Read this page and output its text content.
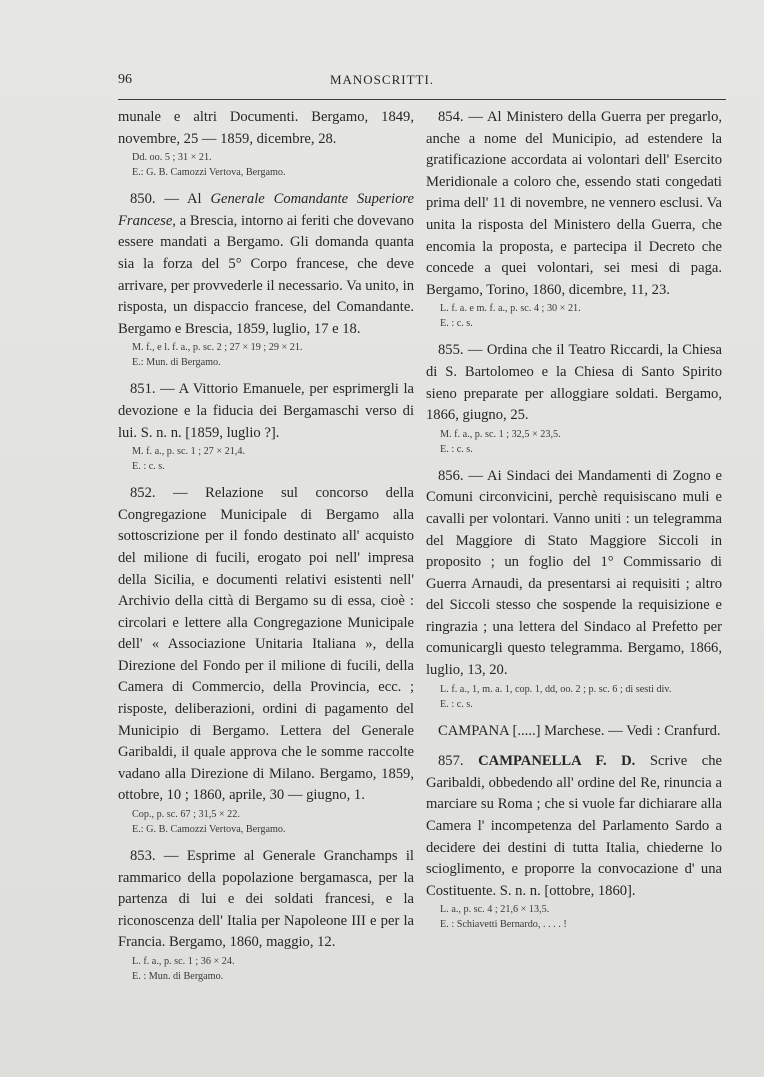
96	MANOSCRITTI.

munale e altri Documenti. Bergamo, 1849, novembre, 25 — 1859, dicembre, 28.

Dd. oo. 5 ; 31 × 21.
E.: G. B. Camozzi Vertova, Bergamo.

850. — Al Generale Comandante Superiore Francese, a Brescia, intorno ai feriti che dovevano essere mandati a Bergamo. Gli domanda quanta sia la forza del 5° Corpo francese, che deve arrivare, per provvederle il necessario. Va unito, in risposta, un dispaccio francese, del Comandante. Bergamo e Brescia, 1859, luglio, 17 e 18.

M. f., e l. f. a., p. sc. 2 ; 27 × 19 ; 29 × 21.
E.: Mun. di Bergamo.

851. — A Vittorio Emanuele, per esprimergli la devozione e la fiducia dei Bergamaschi verso di lui. S. n. n. [1859, luglio ?].

M. f. a., p. sc. 1 ; 27 × 21,4.
E. : c. s.

852. — Relazione sul concorso della Congregazione Municipale di Bergamo alla sottoscrizione per il fondo destinato all' acquisto del milione di fucili, erogato poi nell' impresa della Sicilia, e documenti relativi esistenti nell' Archivio della città di Bergamo su di essa, cioè : circolari e lettere alla Congregazione Municipale dell' « Associazione Unitaria Italiana », della Direzione del Fondo per il milione di fucili, della Camera di Commercio, della Provincia, ecc. ; risposte, deliberazioni, ordini di pagamento del Municipio di Bergamo. Lettera del Generale Garibaldi, il quale approva che le somme raccolte vadano alla Direzione di Milano. Bergamo, 1859, ottobre, 10 ; 1860, aprile, 30 — giugno, 1.

Cop., p. sc. 67 ; 31,5 × 22.
E.: G. B. Camozzi Vertova, Bergamo.

853. — Esprime al Generale Granchamps il rammarico della popolazione bergamasca, per la partenza di lui e dei soldati francesi, e la riconoscenza dell' Italia per Napoleone III e per la Francia. Bergamo, 1860, maggio, 12.

L. f. a., p. sc. 1 ; 36 × 24.
E. : Mun. di Bergamo.

854. — Al Ministero della Guerra per pregarlo, anche a nome del Municipio, ad estendere la gratificazione accordata ai volontari dell' Esercito Meridionale a coloro che, essendo stati congedati prima dell' 11 di novembre, ne vennero esclusi. Va unita la risposta del Ministero della Guerra, che encomia la proposta, e partecipa il Decreto che concede a quei volontari, sei mesi di paga. Bergamo, Torino, 1860, dicembre, 11, 23.

L. f. a. e m. f. a., p. sc. 4 ; 30 × 21.
E. : c. s.

855. — Ordina che il Teatro Riccardi, la Chiesa di S. Bartolomeo e la Chiesa di Santo Spirito sieno preparate per alloggiare soldati. Bergamo, 1866, giugno, 25.

M. f. a., p. sc. 1 ; 32,5 × 23,5.
E. : c. s.

856. — Ai Sindaci dei Mandamenti di Zogno e Comuni circonvicini, perchè requisiscano muli e cavalli per volontari. Vanno uniti : un telegramma del Maggiore di Stato Maggiore Siccoli in proposito ; un foglio del 1° Commissario di Guerra Arnaudi, da presentarsi ai requisiti ; altro del Siccoli stesso che sospende la requisizione e ringrazia ; una lettera del Sindaco al Prefetto per comunicargli questo telegramma. Bergamo, 1866, luglio, 13, 20.

L. f. a., 1, m. a. 1, cop. 1, dd, oo. 2 ; p. sc. 6 ; di sesti div.
E. : c. s.

CAMPANA [.....] Marchese. — Vedi : Cranfurd.

857. CAMPANELLA F. D. Scrive che Garibaldi, obbedendo all' ordine del Re, rinuncia a marciare su Roma ; che si vuole far dichiarare alla Camera l' incompetenza del Parlamento Sardo a decidere dei destini di tutta Italia, chiederne lo scioglimento, e proporre la convocazione d' una Costituente. S. n. n. [ottobre, 1860].

L. a., p. sc. 4 ; 21,6 × 13,5.
E. : Schiavetti Bernardo, . . . . !
